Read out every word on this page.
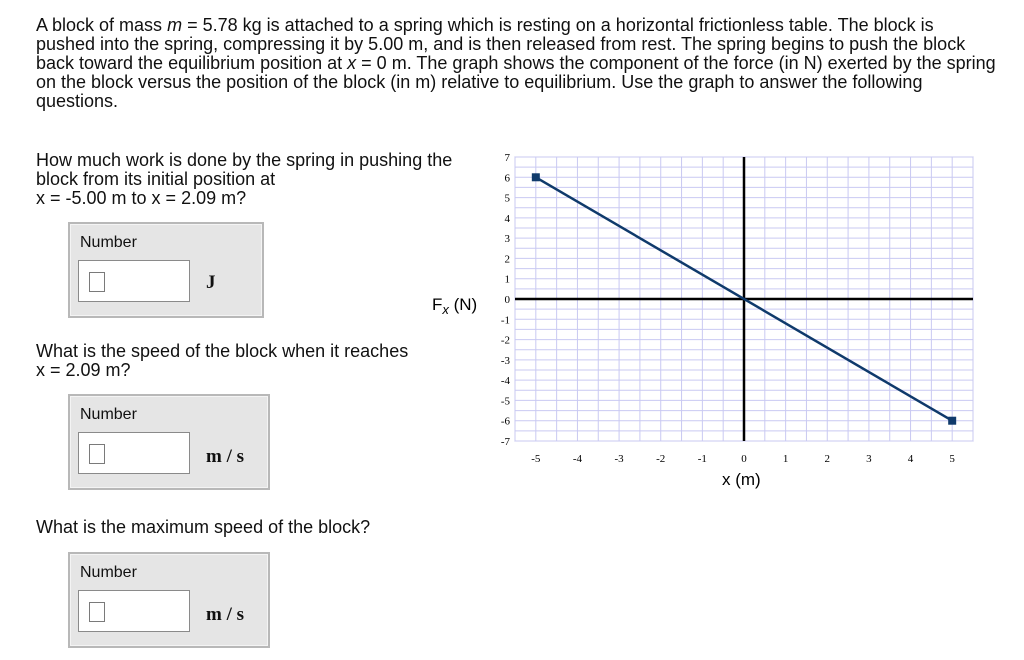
A block of mass m = 5.78 kg is attached to a spring which is resting on a horizontal frictionless table. The block is pushed into the spring, compressing it by 5.00 m, and is then released from rest. The spring begins to push the block back toward the equilibrium position at x = 0 m. The graph shows the component of the force (in N) exerted by the spring on the block versus the position of the block (in m) relative to equilibrium. Use the graph to answer the following questions.
How much work is done by the spring in pushing the block from its initial position at
x = -5.00 m to x = 2.09 m?
Number
J
What is the speed of the block when it reaches
x = 2.09 m?
Number
m / s
What is the maximum speed of the block?
Number
m / s
7
6
5
4
3
2
1
0
-1
-2
-3
-4
-5
-6
-7
-5	-4	-3	-2	-1	0	1	2	3	4	5
$F_x$ (N)
x (m)
